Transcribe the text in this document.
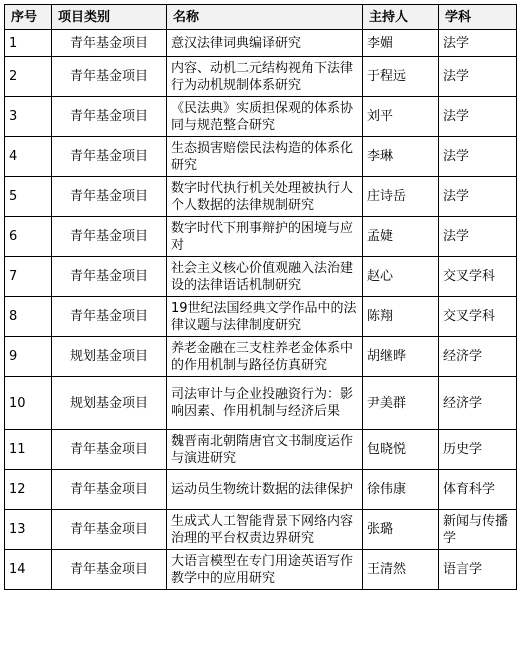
序号	项目类别	名称	主持人	学科
1	青年基金项目	意汉法律词典编译研究	李媚	法学
2	青年基金项目	内容、动机二元结构视角下法律行为动机规制体系研究	于程远	法学
3	青年基金项目	《民法典》实质担保观的体系协同与规范整合研究	刘平	法学
4	青年基金项目	生态损害赔偿民法构造的体系化研究	李琳	法学
5	青年基金项目	数字时代执行机关处理被执行人个人数据的法律规制研究	庄诗岳	法学
6	青年基金项目	数字时代下刑事辩护的困境与应对	孟婕	法学
7	青年基金项目	社会主义核心价值观融入法治建设的法律语话机制研究	赵心	交叉学科
8	青年基金项目	19世纪法国经典文学作品中的法律议题与法律制度研究	陈翔	交叉学科
9	规划基金项目	养老金融在三支柱养老金体系中的作用机制与路径仿真研究	胡继晔	经济学
10	规划基金项目	司法审计与企业投融资行为：影响因素、作用机制与经济后果	尹美群	经济学
11	青年基金项目	魏晋南北朝隋唐官文书制度运作与演进研究	包晓悦	历史学
12	青年基金项目	运动员生物统计数据的法律保护	徐伟康	体育科学
13	青年基金项目	生成式人工智能背景下网络内容治理的平台权责边界研究	张璐	新闻与传播学
14	青年基金项目	大语言模型在专门用途英语写作教学中的应用研究	王清然	语言学
